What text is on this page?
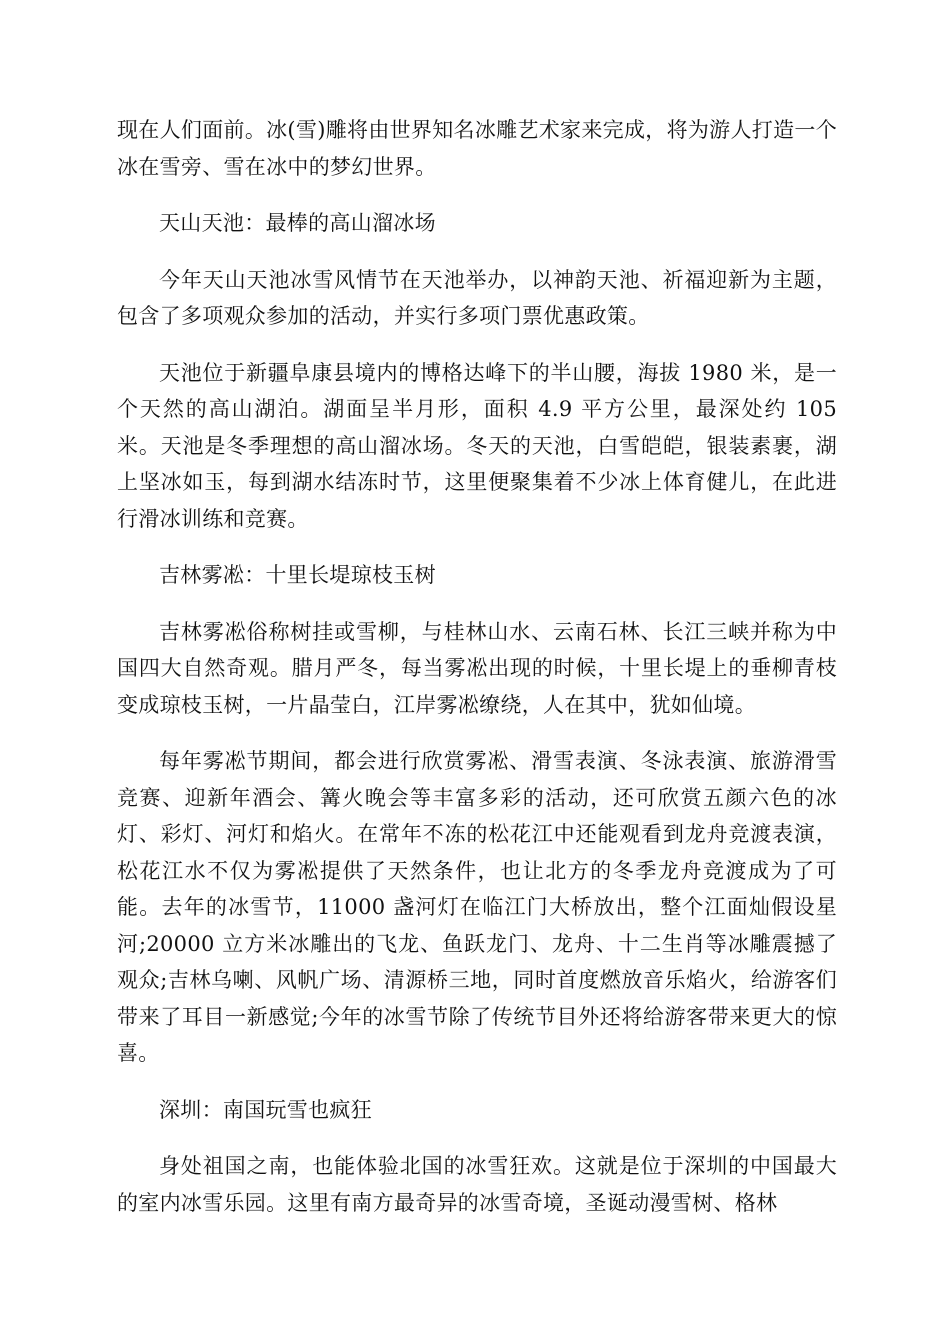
现在人们面前。冰(雪)雕将由世界知名冰雕艺术家来完成，将为游人打造一个冰在雪旁、雪在冰中的梦幻世界。

天山天池：最棒的高山溜冰场

今年天山天池冰雪风情节在天池举办，以神韵天池、祈福迎新为主题，包含了多项观众参加的活动，并实行多项门票优惠政策。

天池位于新疆阜康县境内的博格达峰下的半山腰，海拔 1980 米，是一个天然的高山湖泊。湖面呈半月形，面积 4.9 平方公里，最深处约 105 米。天池是冬季理想的高山溜冰场。冬天的天池，白雪皑皑，银装素裹，湖上坚冰如玉，每到湖水结冻时节，这里便聚集着不少冰上体育健儿，在此进行滑冰训练和竞赛。

吉林雾凇：十里长堤琼枝玉树

吉林雾凇俗称树挂或雪柳，与桂林山水、云南石林、长江三峡并称为中国四大自然奇观。腊月严冬，每当雾凇出现的时候，十里长堤上的垂柳青枝变成琼枝玉树，一片晶莹白，江岸雾凇缭绕，人在其中，犹如仙境。

每年雾凇节期间，都会进行欣赏雾凇、滑雪表演、冬泳表演、旅游滑雪竞赛、迎新年酒会、篝火晚会等丰富多彩的活动，还可欣赏五颜六色的冰灯、彩灯、河灯和焰火。在常年不冻的松花江中还能观看到龙舟竞渡表演，松花江水不仅为雾凇提供了天然条件，也让北方的冬季龙舟竞渡成为了可能。去年的冰雪节，11000 盏河灯在临江门大桥放出，整个江面灿假设星河;20000 立方米冰雕出的飞龙、鱼跃龙门、龙舟、十二生肖等冰雕震撼了观众;吉林乌喇、风帆广场、清源桥三地，同时首度燃放音乐焰火，给游客们带来了耳目一新感觉;今年的冰雪节除了传统节目外还将给游客带来更大的惊喜。

深圳：南国玩雪也疯狂

身处祖国之南，也能体验北国的冰雪狂欢。这就是位于深圳的中国最大的室内冰雪乐园。这里有南方最奇异的冰雪奇境，圣诞动漫雪树、格林
